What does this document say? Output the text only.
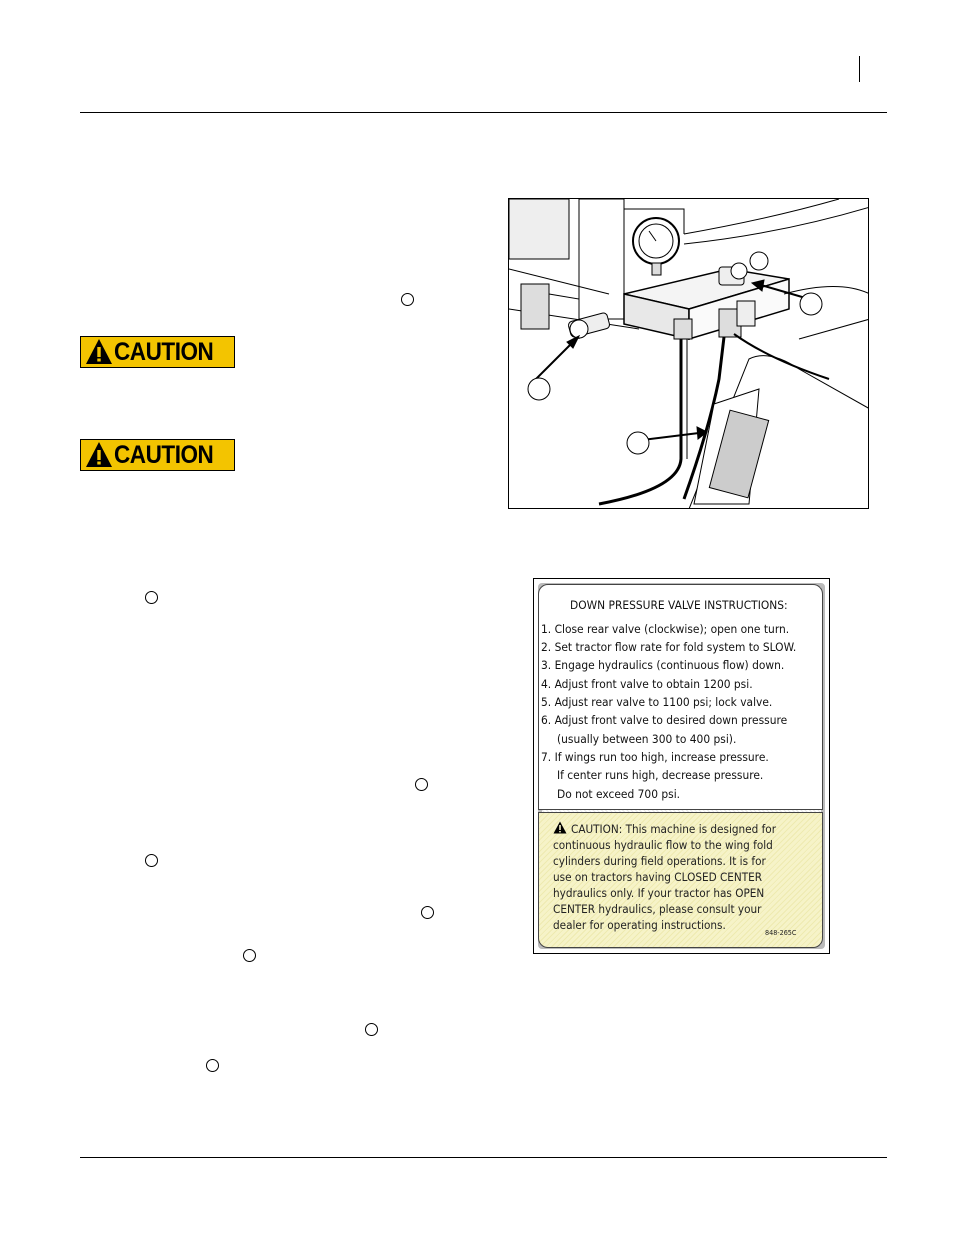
CAUTION
CAUTION
DOWN PRESSURE VALVE INSTRUCTIONS:
1. Close rear valve (clockwise); open one turn.
2. Set tractor flow rate for fold system to SLOW.
3. Engage hydraulics (continuous flow) down.
4. Adjust front valve to obtain 1200 psi.
5. Adjust rear valve to 1100 psi; lock valve.
6. Adjust front valve to desired down pressure
(usually between 300 to 400 psi).
7. If wings run too high, increase pressure.
If center runs high, decrease pressure.
Do not exceed 700 psi.
CAUTION: This machine is designed for
continuous hydraulic flow to the wing fold
cylinders during field operations. It is for
use on tractors having CLOSED CENTER
hydraulics only. If your tractor has OPEN
CENTER hydraulics, please consult your
dealer for operating instructions.
848-265C
